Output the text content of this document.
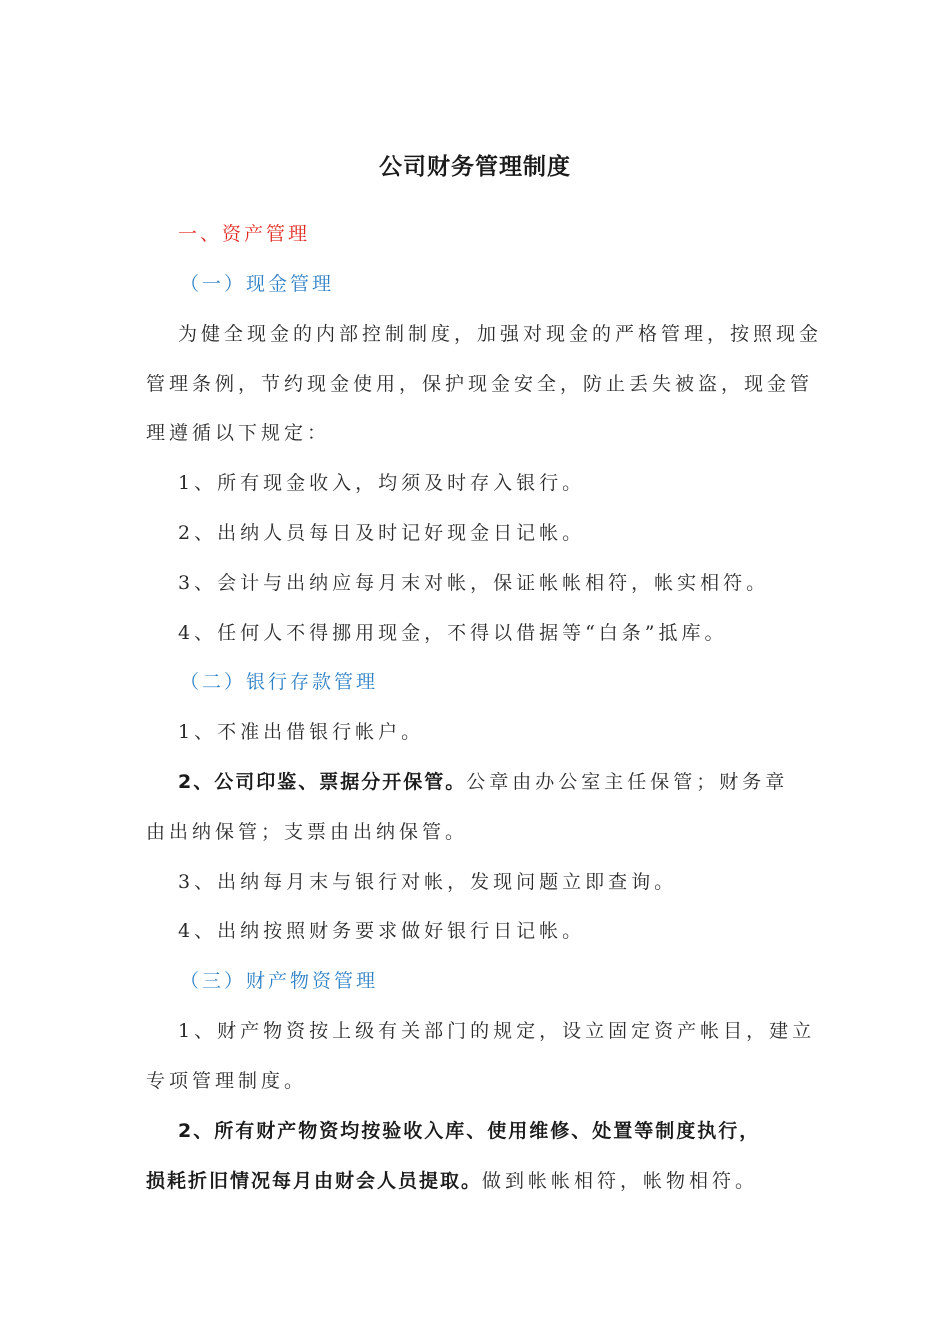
公司财务管理制度
一、资产管理
（一）现金管理
为健全现金的内部控制制度，加强对现金的严格管理，按照现金
管理条例，节约现金使用，保护现金安全，防止丢失被盗，现金管
理遵循以下规定：
1、所有现金收入，均须及时存入银行。
2、出纳人员每日及时记好现金日记帐。
3、会计与出纳应每月末对帐，保证帐帐相符，帐实相符。
4、任何人不得挪用现金，不得以借据等“白条”抵库。
（二）银行存款管理
1、不准出借银行帐户。
2、公司印鉴、票据分开保管。公章由办公室主任保管；财务章
由出纳保管；支票由出纳保管。
3、出纳每月末与银行对帐，发现问题立即查询。
4、出纳按照财务要求做好银行日记帐。
（三）财产物资管理
1、财产物资按上级有关部门的规定，设立固定资产帐目，建立
专项管理制度。
2、所有财产物资均按验收入库、使用维修、处置等制度执行，
损耗折旧情况每月由财会人员提取。做到帐帐相符，帐物相符。
